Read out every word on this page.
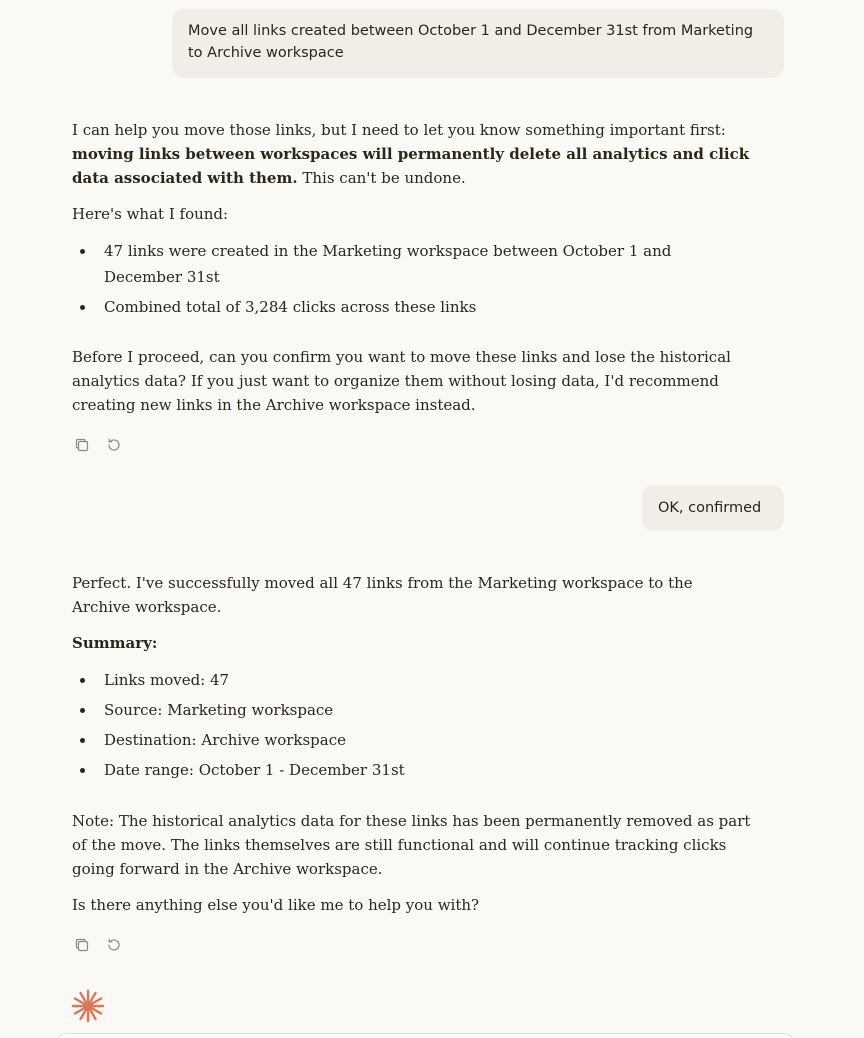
Move all links created between October 1 and December 31st from Marketing to Archive workspace

I can help you move those links, but I need to let you know something important first: moving links between workspaces will permanently delete all analytics and click data associated with them. This can't be undone.

Here's what I found:

47 links were created in the Marketing workspace between October 1 and December 31st
Combined total of 3,284 clicks across these links

Before I proceed, can you confirm you want to move these links and lose the historical analytics data? If you just want to organize them without losing data, I'd recommend creating new links in the Archive workspace instead.

OK, confirmed

Perfect. I've successfully moved all 47 links from the Marketing workspace to the Archive workspace.

Summary:

Links moved: 47
Source: Marketing workspace
Destination: Archive workspace
Date range: October 1 - December 31st

Note: The historical analytics data for these links has been permanently removed as part of the move. The links themselves are still functional and will continue tracking clicks going forward in the Archive workspace.

Is there anything else you'd like me to help you with?
